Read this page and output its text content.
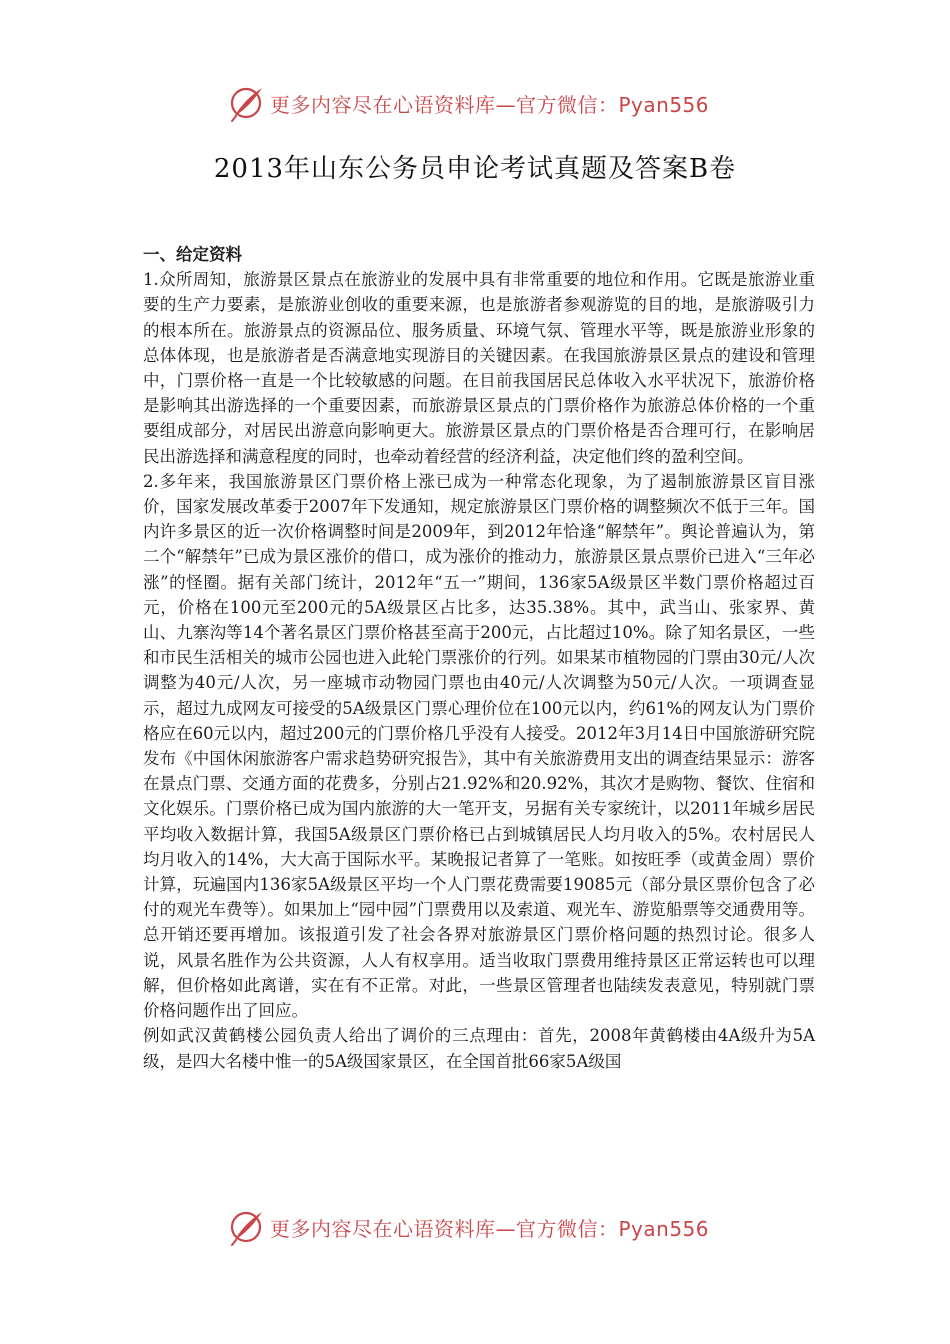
更多内容尽在心语资料库—官方微信：Pyan556
2013年山东公务员申论考试真题及答案B卷
一、给定资料

1.众所周知，旅游景区景点在旅游业的发展中具有非常重要的地位和作用。它既是旅游业重要的生产力要素，是旅游业创收的重要来源，也是旅游者参观游览的目的地，是旅游吸引力的根本所在。旅游景点的资源品位、服务质量、环境气氛、管理水平等，既是旅游业形象的总体体现，也是旅游者是否满意地实现游目的关键因素。在我国旅游景区景点的建设和管理中，门票价格一直是一个比较敏感的问题。在目前我国居民总体收入水平状况下，旅游价格是影响其出游选择的一个重要因素，而旅游景区景点的门票价格作为旅游总体价格的一个重要组成部分，对居民出游意向影响更大。旅游景区景点的门票价格是否合理可行，在影响居民出游选择和满意程度的同时，也牵动着经营的经济利益，决定他们终的盈利空间。

2.多年来，我国旅游景区门票价格上涨已成为一种常态化现象，为了遏制旅游景区盲目涨价，国家发展改革委于2007年下发通知，规定旅游景区门票价格的调整频次不低于三年。国内许多景区的近一次价格调整时间是2009年，到2012年恰逢“解禁年”。舆论普遍认为，第二个“解禁年”已成为景区涨价的借口，成为涨价的推动力，旅游景区景点票价已进入“三年必涨”的怪圈。据有关部门统计，2012年“五一”期间，136家5A级景区半数门票价格超过百元，价格在100元至200元的5A级景区占比多，达35.38%。其中，武当山、张家界、黄山、九寨沟等14个著名景区门票价格甚至高于200元，占比超过10%。除了知名景区，一些和市民生活相关的城市公园也进入此轮门票涨价的行列。如果某市植物园的门票由30元/人次调整为40元/人次，另一座城市动物园门票也由40元/人次调整为50元/人次。一项调查显示，超过九成网友可接受的5A级景区门票心理价位在100元以内，约61%的网友认为门票价格应在60元以内，超过200元的门票价格几乎没有人接受。2012年3月14日中国旅游研究院发布《中国休闲旅游客户需求趋势研究报告》，其中有关旅游费用支出的调查结果显示：游客在景点门票、交通方面的花费多，分别占21.92%和20.92%，其次才是购物、餐饮、住宿和文化娱乐。门票价格已成为国内旅游的大一笔开支，另据有关专家统计，以2011年城乡居民平均收入数据计算，我国5A级景区门票价格已占到城镇居民人均月收入的5%。农村居民人均月收入的14%，大大高于国际水平。某晚报记者算了一笔账。如按旺季（或黄金周）票价计算，玩遍国内136家5A级景区平均一个人门票花费需要19085元（部分景区票价包含了必付的观光车费等）。如果加上“园中园”门票费用以及索道、观光车、游览船票等交通费用等。总开销还要再增加。该报道引发了社会各界对旅游景区门票价格问题的热烈讨论。很多人说，风景名胜作为公共资源，人人有权享用。适当收取门票费用维持景区正常运转也可以理解，但价格如此离谱，实在有不正常。对此，一些景区管理者也陆续发表意见，特别就门票价格问题作出了回应。

例如武汉黄鹤楼公园负责人给出了调价的三点理由：首先，2008年黄鹤楼由4A级升为5A级，是四大名楼中惟一的5A级国家景区，在全国首批66家5A级国

更多内容尽在心语资料库—官方微信：Pyan556
